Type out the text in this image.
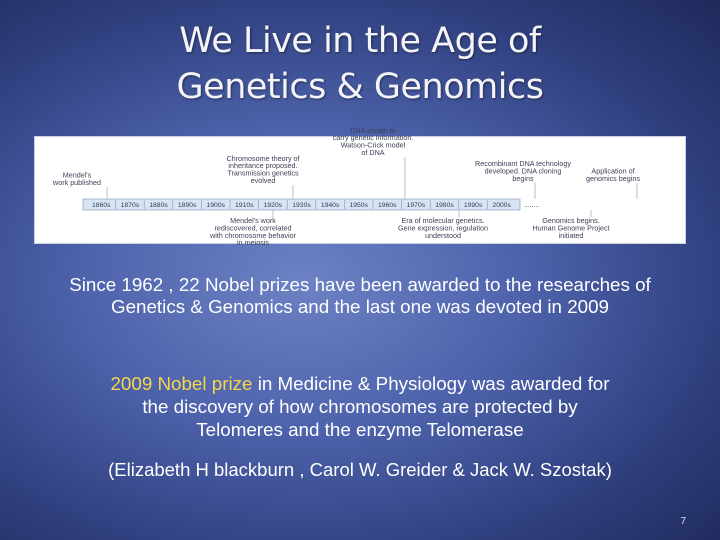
We Live in the Age of
Genetics & Genomics
1860s 1870s 1880s 1890s 1900s 1910s 1920s 1930s 1940s 1950s 1960s 1970s 1980s 1990s 2000s ........
Mendel's
work published
Chromosome theory of
inheritance proposed.
Transmission genetics
evolved
DNA shown to
carry genetic information.
Watson-Crick model
of DNA
Recombinant DNA technology
developed. DNA cloning
begins
Application of
genomics begins
Mendel's work
rediscovered, correlated
with chromosome behavior
in meiosis
Era of molecular genetics.
Gene expression, regulation
understood
Genomics begins.
Human Genome Project
initiated
Since 1962 , 22 Nobel prizes have been awarded to the researches of Genetics & Genomics and the last one was devoted in 2009
2009 Nobel prize in Medicine & Physiology was awarded for
the discovery of how chromosomes are protected by
Telomeres and the enzyme Telomerase
(Elizabeth H blackburn , Carol W. Greider & Jack W. Szostak)
7
